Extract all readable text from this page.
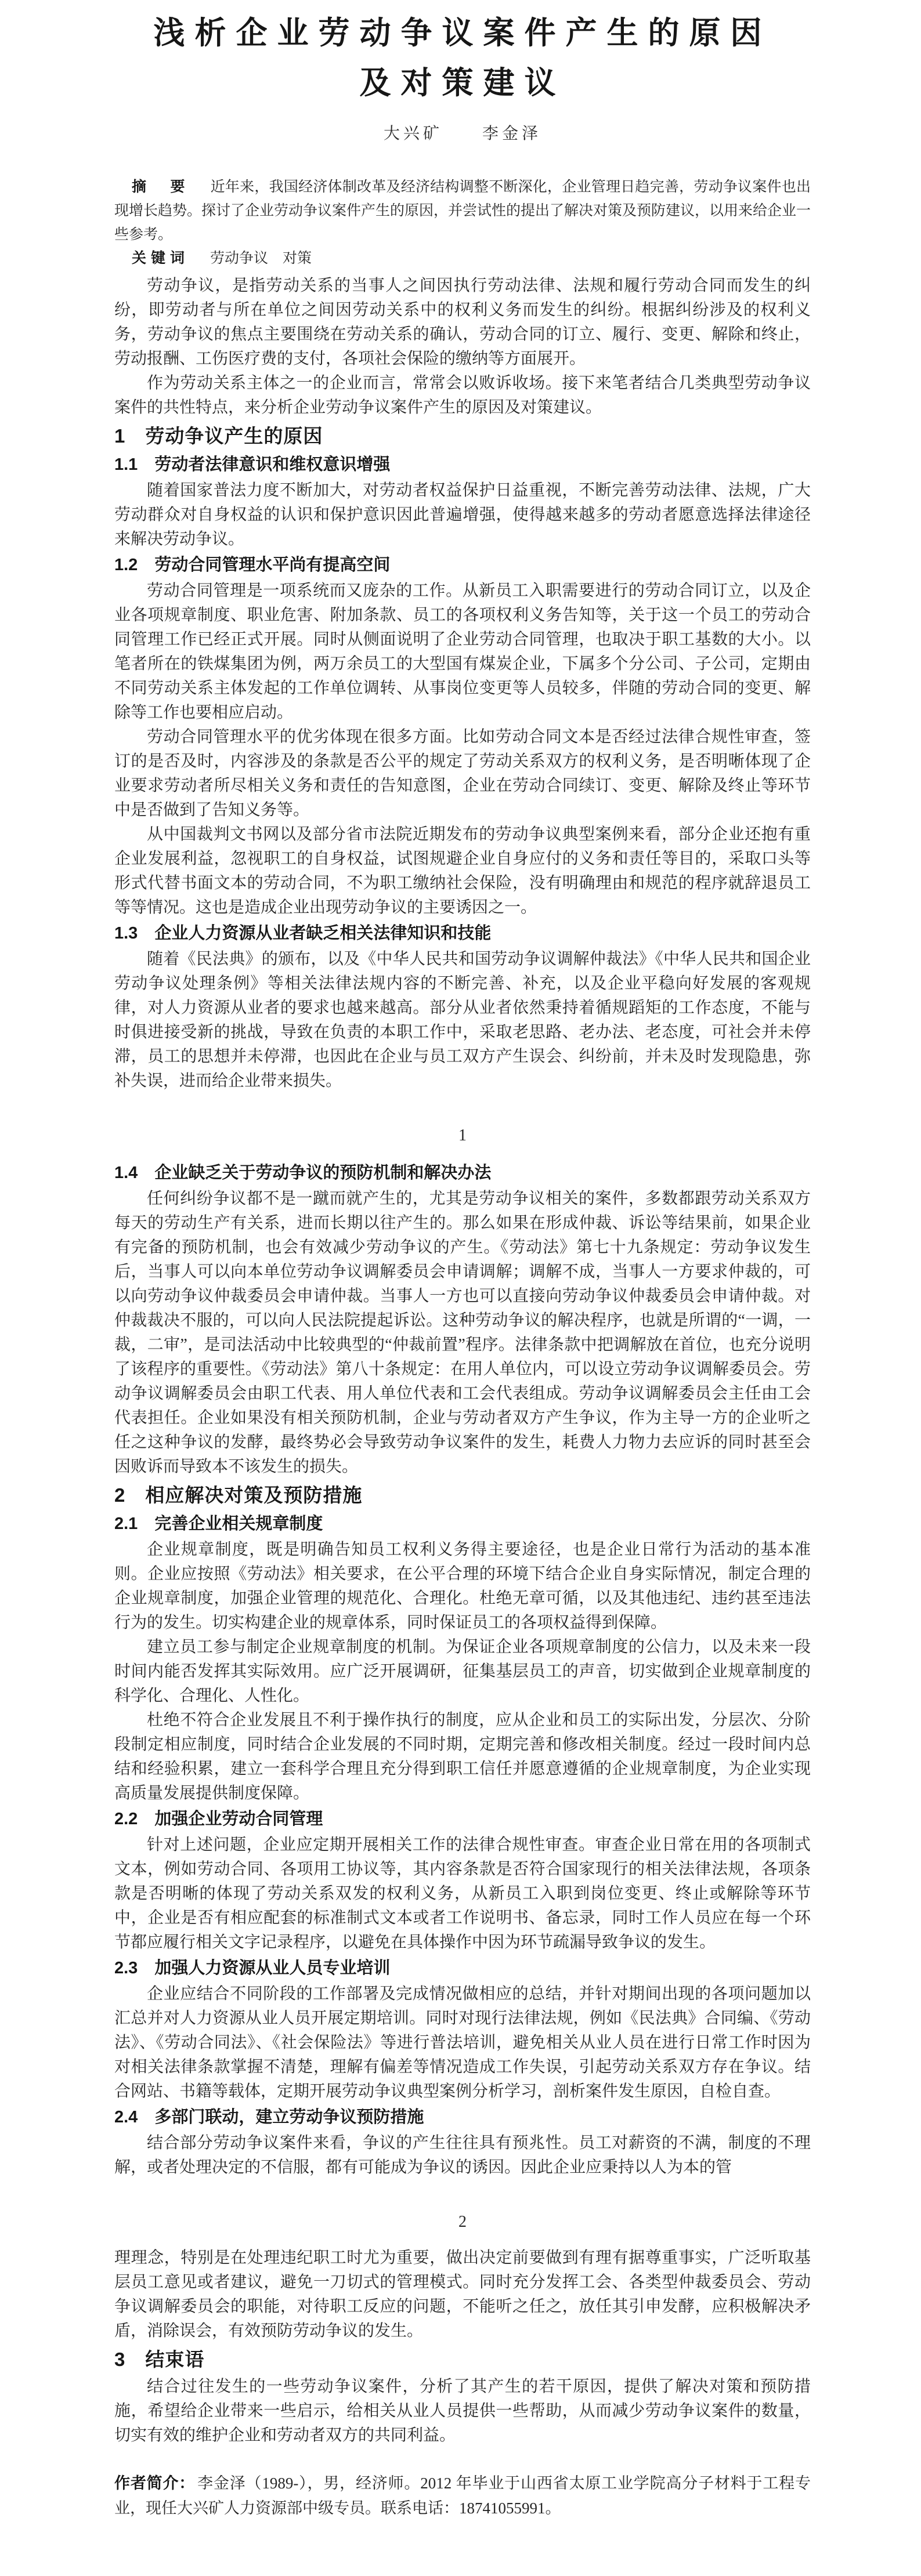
浅析企业劳动争议案件产生的原因
及对策建议
大兴矿　　李金泽

摘　要 近年来，我国经济体制改革及经济结构调整不断深化，企业管理日趋完善，劳动争议案件也出现增长趋势。探讨了企业劳动争议案件产生的原因，并尝试性的提出了解决对策及预防建议，以用来给企业一些参考。

关键词 劳动争议　对策

劳动争议，是指劳动关系的当事人之间因执行劳动法律、法规和履行劳动合同而发生的纠纷，即劳动者与所在单位之间因劳动关系中的权利义务而发生的纠纷。根据纠纷涉及的权利义务，劳动争议的焦点主要围绕在劳动关系的确认，劳动合同的订立、履行、变更、解除和终止，劳动报酬、工伤医疗费的支付，各项社会保险的缴纳等方面展开。

作为劳动关系主体之一的企业而言，常常会以败诉收场。接下来笔者结合几类典型劳动争议案件的共性特点，来分析企业劳动争议案件产生的原因及对策建议。

1　劳动争议产生的原因
1.1　劳动者法律意识和维权意识增强

随着国家普法力度不断加大，对劳动者权益保护日益重视，不断完善劳动法律、法规，广大劳动群众对自身权益的认识和保护意识因此普遍增强，使得越来越多的劳动者愿意选择法律途径来解决劳动争议。

1.2　劳动合同管理水平尚有提高空间

劳动合同管理是一项系统而又庞杂的工作。从新员工入职需要进行的劳动合同订立，以及企业各项规章制度、职业危害、附加条款、员工的各项权利义务告知等，关于这一个员工的劳动合同管理工作已经正式开展。同时从侧面说明了企业劳动合同管理，也取决于职工基数的大小。以笔者所在的铁煤集团为例，两万余员工的大型国有煤炭企业，下属多个分公司、子公司，定期由不同劳动关系主体发起的工作单位调转、从事岗位变更等人员较多，伴随的劳动合同的变更、解除等工作也要相应启动。

劳动合同管理水平的优劣体现在很多方面。比如劳动合同文本是否经过法律合规性审查，签订的是否及时，内容涉及的条款是否公平的规定了劳动关系双方的权利义务，是否明晰体现了企业要求劳动者所尽相关义务和责任的告知意图，企业在劳动合同续订、变更、解除及终止等环节中是否做到了告知义务等。

从中国裁判文书网以及部分省市法院近期发布的劳动争议典型案例来看，部分企业还抱有重企业发展利益，忽视职工的自身权益，试图规避企业自身应付的义务和责任等目的，采取口头等形式代替书面文本的劳动合同，不为职工缴纳社会保险，没有明确理由和规范的程序就辞退员工等等情况。这也是造成企业出现劳动争议的主要诱因之一。

1.3　企业人力资源从业者缺乏相关法律知识和技能

随着《民法典》的颁布，以及《中华人民共和国劳动争议调解仲裁法》《中华人民共和国企业劳动争议处理条例》等相关法律法规内容的不断完善、补充，以及企业平稳向好发展的客观规律，对人力资源从业者的要求也越来越高。部分从业者依然秉持着循规蹈矩的工作态度，不能与时俱进接受新的挑战，导致在负责的本职工作中，采取老思路、老办法、老态度，可社会并未停滞，员工的思想并未停滞，也因此在企业与员工双方产生误会、纠纷前，并未及时发现隐患，弥补失误，进而给企业带来损失。

1
1.4　企业缺乏关于劳动争议的预防机制和解决办法

任何纠纷争议都不是一蹴而就产生的，尤其是劳动争议相关的案件，多数都跟劳动关系双方每天的劳动生产有关系，进而长期以往产生的。那么如果在形成仲裁、诉讼等结果前，如果企业有完备的预防机制，也会有效减少劳动争议的产生。《劳动法》第七十九条规定：劳动争议发生后，当事人可以向本单位劳动争议调解委员会申请调解；调解不成，当事人一方要求仲裁的，可以向劳动争议仲裁委员会申请仲裁。当事人一方也可以直接向劳动争议仲裁委员会申请仲裁。对仲裁裁决不服的，可以向人民法院提起诉讼。这种劳动争议的解决程序，也就是所谓的“一调，一裁，二审”，是司法活动中比较典型的“仲裁前置”程序。法律条款中把调解放在首位，也充分说明了该程序的重要性。《劳动法》第八十条规定：在用人单位内，可以设立劳动争议调解委员会。劳动争议调解委员会由职工代表、用人单位代表和工会代表组成。劳动争议调解委员会主任由工会代表担任。企业如果没有相关预防机制，企业与劳动者双方产生争议，作为主导一方的企业听之任之这种争议的发酵，最终势必会导致劳动争议案件的发生，耗费人力物力去应诉的同时甚至会因败诉而导致本不该发生的损失。

2　相应解决对策及预防措施
2.1　完善企业相关规章制度

企业规章制度，既是明确告知员工权利义务得主要途径，也是企业日常行为活动的基本准则。企业应按照《劳动法》相关要求，在公平合理的环境下结合企业自身实际情况，制定合理的企业规章制度，加强企业管理的规范化、合理化。杜绝无章可循，以及其他违纪、违约甚至违法行为的发生。切实构建企业的规章体系，同时保证员工的各项权益得到保障。

建立员工参与制定企业规章制度的机制。为保证企业各项规章制度的公信力，以及未来一段时间内能否发挥其实际效用。应广泛开展调研，征集基层员工的声音，切实做到企业规章制度的科学化、合理化、人性化。

杜绝不符合企业发展且不利于操作执行的制度，应从企业和员工的实际出发，分层次、分阶段制定相应制度，同时结合企业发展的不同时期，定期完善和修改相关制度。经过一段时间内总结和经验积累，建立一套科学合理且充分得到职工信任并愿意遵循的企业规章制度，为企业实现高质量发展提供制度保障。

2.2　加强企业劳动合同管理

针对上述问题，企业应定期开展相关工作的法律合规性审查。审查企业日常在用的各项制式文本，例如劳动合同、各项用工协议等，其内容条款是否符合国家现行的相关法律法规，各项条款是否明晰的体现了劳动关系双发的权利义务，从新员工入职到岗位变更、终止或解除等环节中，企业是否有相应配套的标准制式文本或者工作说明书、备忘录，同时工作人员应在每一个环节都应履行相关文字记录程序，以避免在具体操作中因为环节疏漏导致争议的发生。

2.3　加强人力资源从业人员专业培训

企业应结合不同阶段的工作部署及完成情况做相应的总结，并针对期间出现的各项问题加以汇总并对人力资源从业人员开展定期培训。同时对现行法律法规，例如《民法典》合同编、《劳动法》、《劳动合同法》、《社会保险法》等进行普法培训，避免相关从业人员在进行日常工作时因为对相关法律条款掌握不清楚，理解有偏差等情况造成工作失误，引起劳动关系双方存在争议。结合网站、书籍等载体，定期开展劳动争议典型案例分析学习，剖析案件发生原因，自检自查。

2.4　多部门联动，建立劳动争议预防措施

结合部分劳动争议案件来看，争议的产生往往具有预兆性。员工对薪资的不满，制度的不理解，或者处理决定的不信服，都有可能成为争议的诱因。因此企业应秉持以人为本的管

2

理理念，特别是在处理违纪职工时尤为重要，做出决定前要做到有理有据尊重事实，广泛听取基层员工意见或者建议，避免一刀切式的管理模式。同时充分发挥工会、各类型仲裁委员会、劳动争议调解委员会的职能，对待职工反应的问题，不能听之任之，放任其引申发酵，应积极解决矛盾，消除误会，有效预防劳动争议的发生。

3　结束语

结合过往发生的一些劳动争议案件，分析了其产生的若干原因，提供了解决对策和预防措施，希望给企业带来一些启示，给相关从业人员提供一些帮助，从而减少劳动争议案件的数量，切实有效的维护企业和劳动者双方的共同利益。

作者简介： 李金泽（1989-），男，经济师。2012 年毕业于山西省太原工业学院高分子材料于工程专业，现任大兴矿人力资源部中级专员。联系电话：18741055991。
